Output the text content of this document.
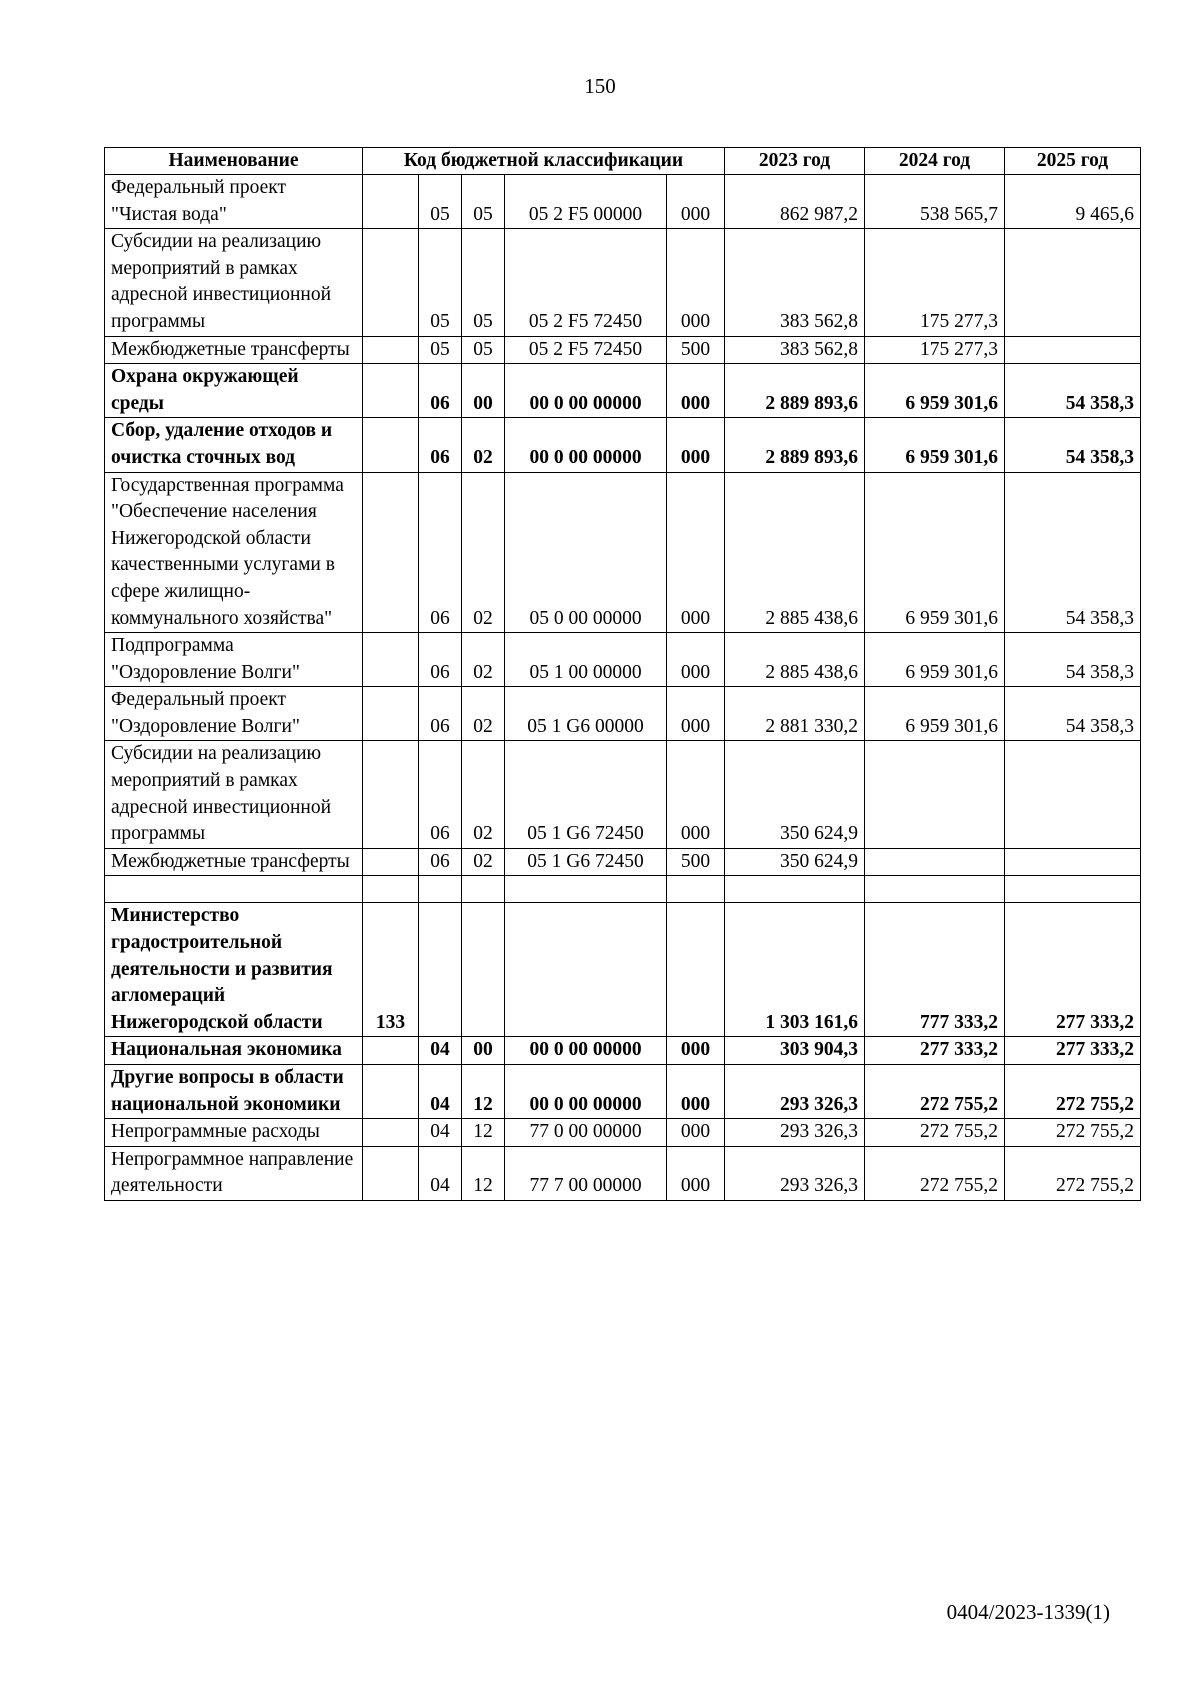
150
Наименование	Код бюджетной классификации					2023 год	2024 год	2025 год
Федеральный проект "Чистая вода"		05	05	05 2 F5 00000	000	862 987,2	538 565,7	9 465,6
Субсидии на реализацию мероприятий в рамках адресной инвестиционной программы		05	05	05 2 F5 72450	000	383 562,8	175 277,3	
Межбюджетные трансферты		05	05	05 2 F5 72450	500	383 562,8	175 277,3	
Охрана окружающей среды		06	00	00 0 00 00000	000	2 889 893,6	6 959 301,6	54 358,3
Сбор, удаление отходов и очистка сточных вод		06	02	00 0 00 00000	000	2 889 893,6	6 959 301,6	54 358,3
Государственная программа "Обеспечение населения Нижегородской области качественными услугами в сфере жилищно-коммунального хозяйства"		06	02	05 0 00 00000	000	2 885 438,6	6 959 301,6	54 358,3
Подпрограмма "Оздоровление Волги"		06	02	05 1 00 00000	000	2 885 438,6	6 959 301,6	54 358,3
Федеральный проект "Оздоровление Волги"		06	02	05 1 G6 00000	000	2 881 330,2	6 959 301,6	54 358,3
Субсидии на реализацию мероприятий в рамках адресной инвестиционной программы		06	02	05 1 G6 72450	000	350 624,9		
Межбюджетные трансферты		06	02	05 1 G6 72450	500	350 624,9		

Министерство градостроительной деятельности и развития агломераций Нижегородской области	133					1 303 161,6	777 333,2	277 333,2
Национальная экономика		04	00	00 0 00 00000	000	303 904,3	277 333,2	277 333,2
Другие вопросы в области национальной экономики		04	12	00 0 00 00000	000	293 326,3	272 755,2	272 755,2
Непрограммные расходы		04	12	77 0 00 00000	000	293 326,3	272 755,2	272 755,2
Непрограммное направление деятельности		04	12	77 7 00 00000	000	293 326,3	272 755,2	272 755,2
0404/2023-1339(1)
